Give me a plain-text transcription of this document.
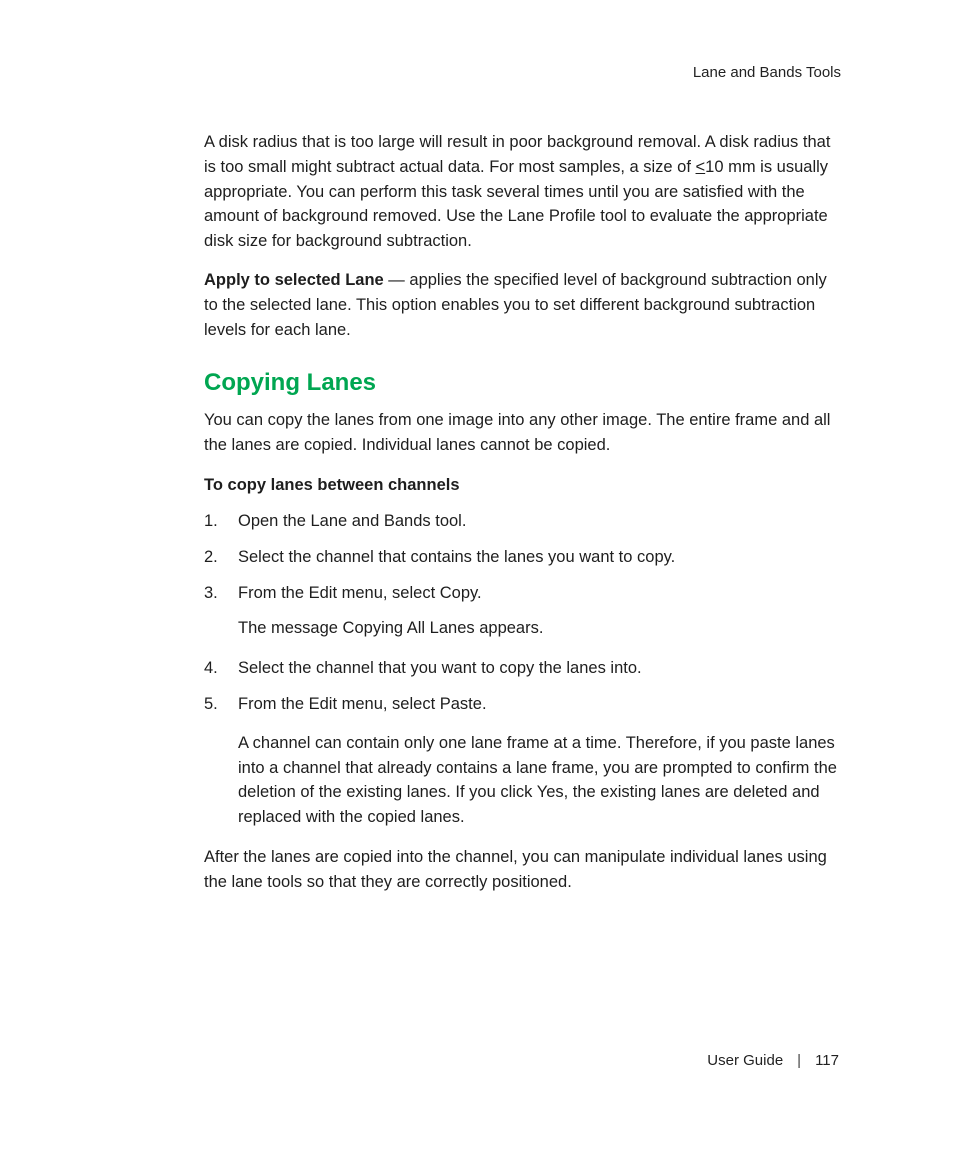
Lane and Bands Tools

A disk radius that is too large will result in poor background removal. A disk radius that is too small might subtract actual data. For most samples, a size of ≤10 mm is usually appropriate. You can perform this task several times until you are satisfied with the amount of background removed. Use the Lane Profile tool to evaluate the appropriate disk size for background subtraction.

Apply to selected Lane — applies the specified level of background subtraction only to the selected lane. This option enables you to set different background subtraction levels for each lane.

Copying Lanes

You can copy the lanes from one image into any other image. The entire frame and all the lanes are copied. Individual lanes cannot be copied.

To copy lanes between channels
1.	Open the Lane and Bands tool.
2.	Select the channel that contains the lanes you want to copy.
3.	From the Edit menu, select Copy.

The message Copying All Lanes appears.

4.	Select the channel that you want to copy the lanes into.
5.	From the Edit menu, select Paste.

A channel can contain only one lane frame at a time. Therefore, if you paste lanes into a channel that already contains a lane frame, you are prompted to confirm the deletion of the existing lanes. If you click Yes, the existing lanes are deleted and replaced with the copied lanes.

After the lanes are copied into the channel, you can manipulate individual lanes using the lane tools so that they are correctly positioned.

User Guide | 117
